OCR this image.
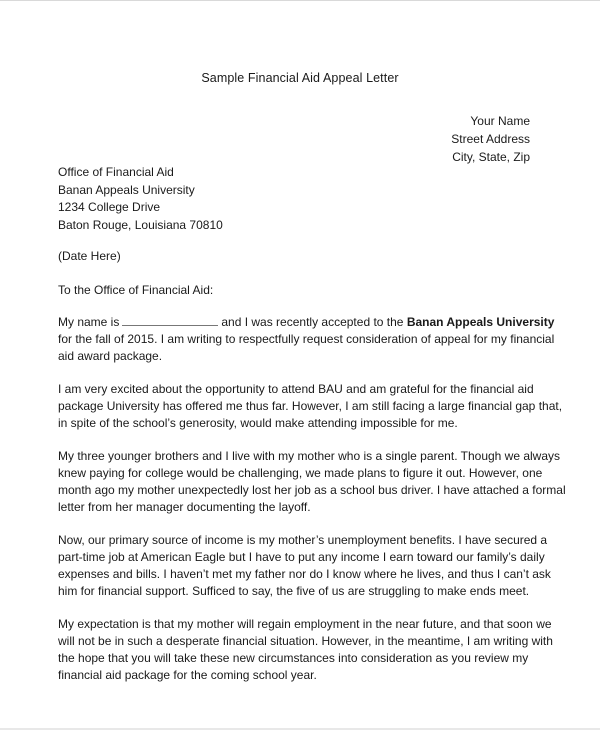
Sample Financial Aid Appeal Letter
Your Name
Street Address
City, State, Zip
Office of Financial Aid
Banan Appeals University
1234 College Drive
Baton Rouge, Louisiana 70810
(Date Here)
To the Office of Financial Aid:
My name is	and I was recently accepted to the Banan Appeals University
for the fall of 2015. I am writing to respectfully request consideration of appeal for my financial
aid award package.
I am very excited about the opportunity to attend BAU and am grateful for the financial aid
package University has offered me thus far. However, I am still facing a large financial gap that,
in spite of the school’s generosity, would make attending impossible for me.
My three younger brothers and I live with my mother who is a single parent. Though we always
knew paying for college would be challenging, we made plans to figure it out. However, one
month ago my mother unexpectedly lost her job as a school bus driver. I have attached a formal
letter from her manager documenting the layoff.
Now, our primary source of income is my mother’s unemployment benefits. I have secured a
part-time job at American Eagle but I have to put any income I earn toward our family’s daily
expenses and bills. I haven’t met my father nor do I know where he lives, and thus I can’t ask
him for financial support. Sufficed to say, the five of us are struggling to make ends meet.
My expectation is that my mother will regain employment in the near future, and that soon we
will not be in such a desperate financial situation. However, in the meantime, I am writing with
the hope that you will take these new circumstances into consideration as you review my
financial aid package for the coming school year.
